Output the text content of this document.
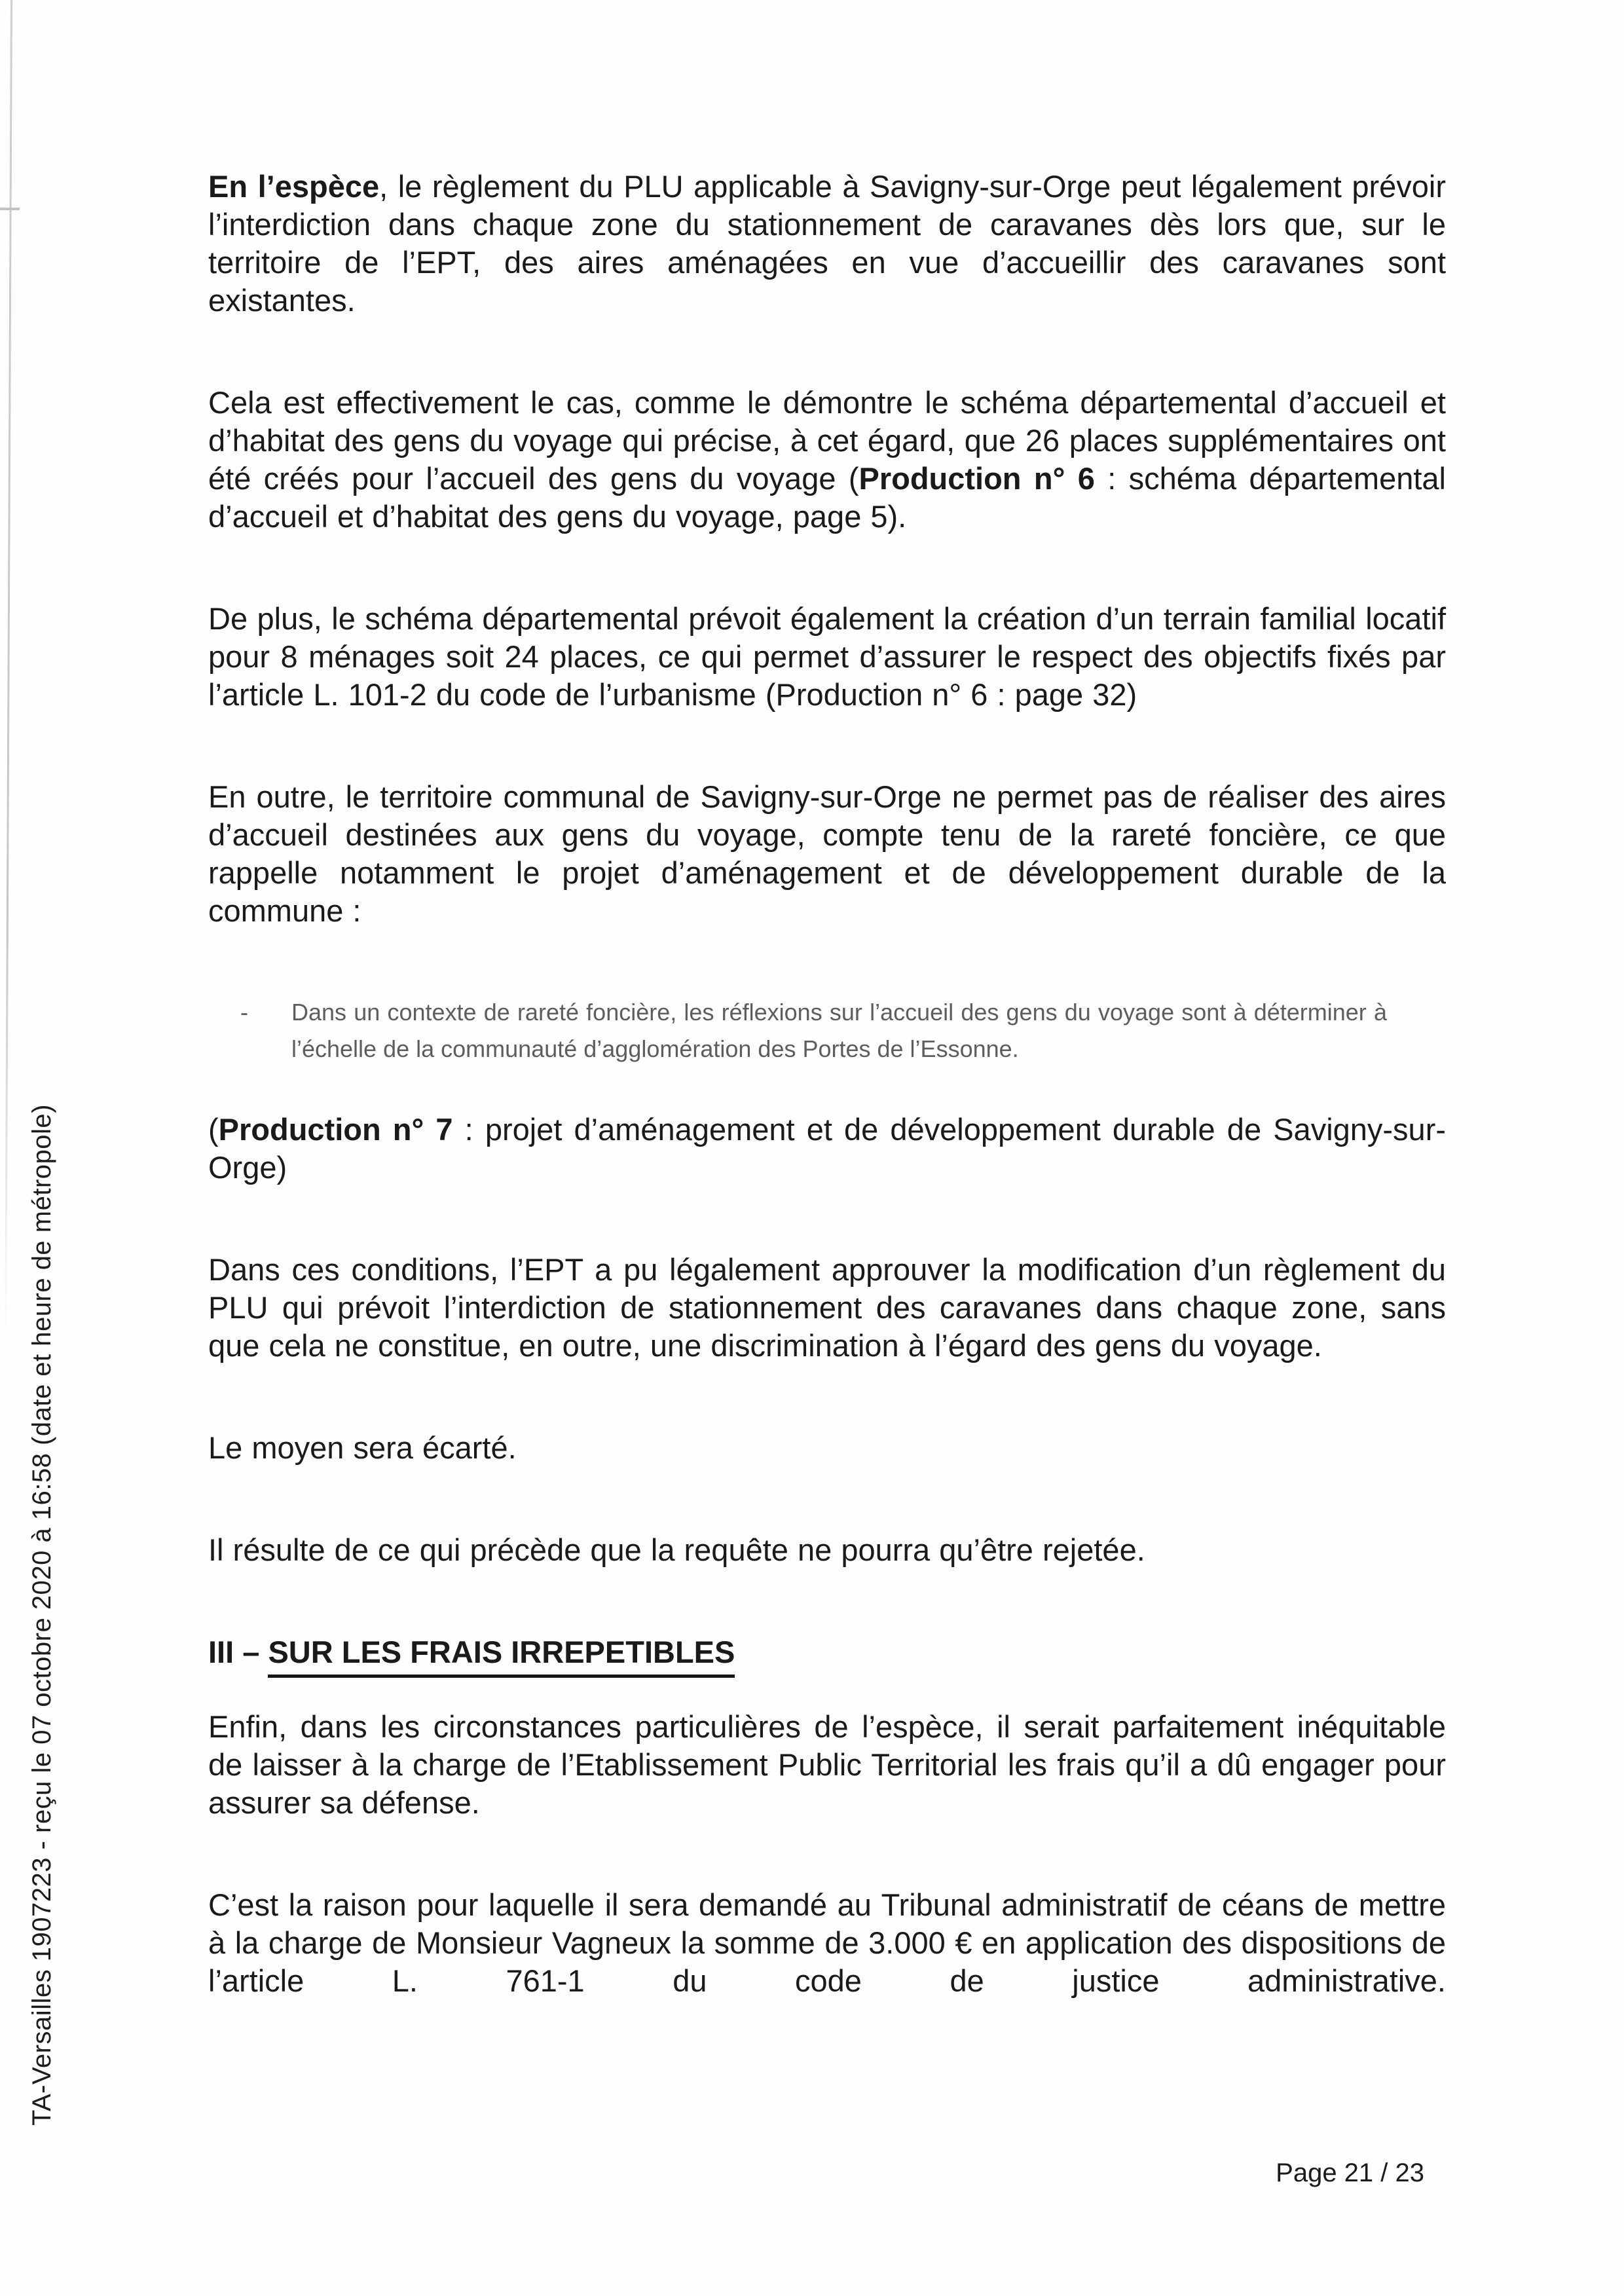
TA-Versailles 1907223 - reçu le 07 octobre 2020 à 16:58 (date et heure de métropole)

En l’espèce, le règlement du PLU applicable à Savigny-sur-Orge peut légalement prévoir l’interdiction dans chaque zone du stationnement de caravanes dès lors que, sur le territoire de l’EPT, des aires aménagées en vue d’accueillir des caravanes sont existantes.

Cela est effectivement le cas, comme le démontre le schéma départemental d’accueil et d’habitat des gens du voyage qui précise, à cet égard, que 26 places supplémentaires ont été créés pour l’accueil des gens du voyage (Production n° 6 : schéma départemental d’accueil et d’habitat des gens du voyage, page 5).

De plus, le schéma départemental prévoit également la création d’un terrain familial locatif pour 8 ménages soit 24 places, ce qui permet d’assurer le respect des objectifs fixés par l’article L. 101-2 du code de l’urbanisme (Production n° 6 : page 32)

En outre, le territoire communal de Savigny-sur-Orge ne permet pas de réaliser des aires d’accueil destinées aux gens du voyage, compte tenu de la rareté foncière, ce que rappelle notamment le projet d’aménagement et de développement durable de la commune :

-	Dans un contexte de rareté foncière, les réflexions sur l’accueil des gens du voyage sont à déterminer à l’échelle de la communauté d’agglomération des Portes de l’Essonne.

(Production n° 7 : projet d’aménagement et de développement durable de Savigny-sur-Orge)

Dans ces conditions, l’EPT a pu légalement approuver la modification d’un règlement du PLU qui prévoit l’interdiction de stationnement des caravanes dans chaque zone, sans que cela ne constitue, en outre, une discrimination à l’égard des gens du voyage.

Le moyen sera écarté.

Il résulte de ce qui précède que la requête ne pourra qu’être rejetée.

III – SUR LES FRAIS IRREPETIBLES

Enfin, dans les circonstances particulières de l’espèce, il serait parfaitement inéquitable de laisser à la charge de l’Etablissement Public Territorial les frais qu’il a dû engager pour assurer sa défense.

C’est la raison pour laquelle il sera demandé au Tribunal administratif de céans de mettre à la charge de Monsieur Vagneux la somme de 3.000 € en application des dispositions de l’article L. 761-1 du code de justice administrative.

Page 21 / 23
